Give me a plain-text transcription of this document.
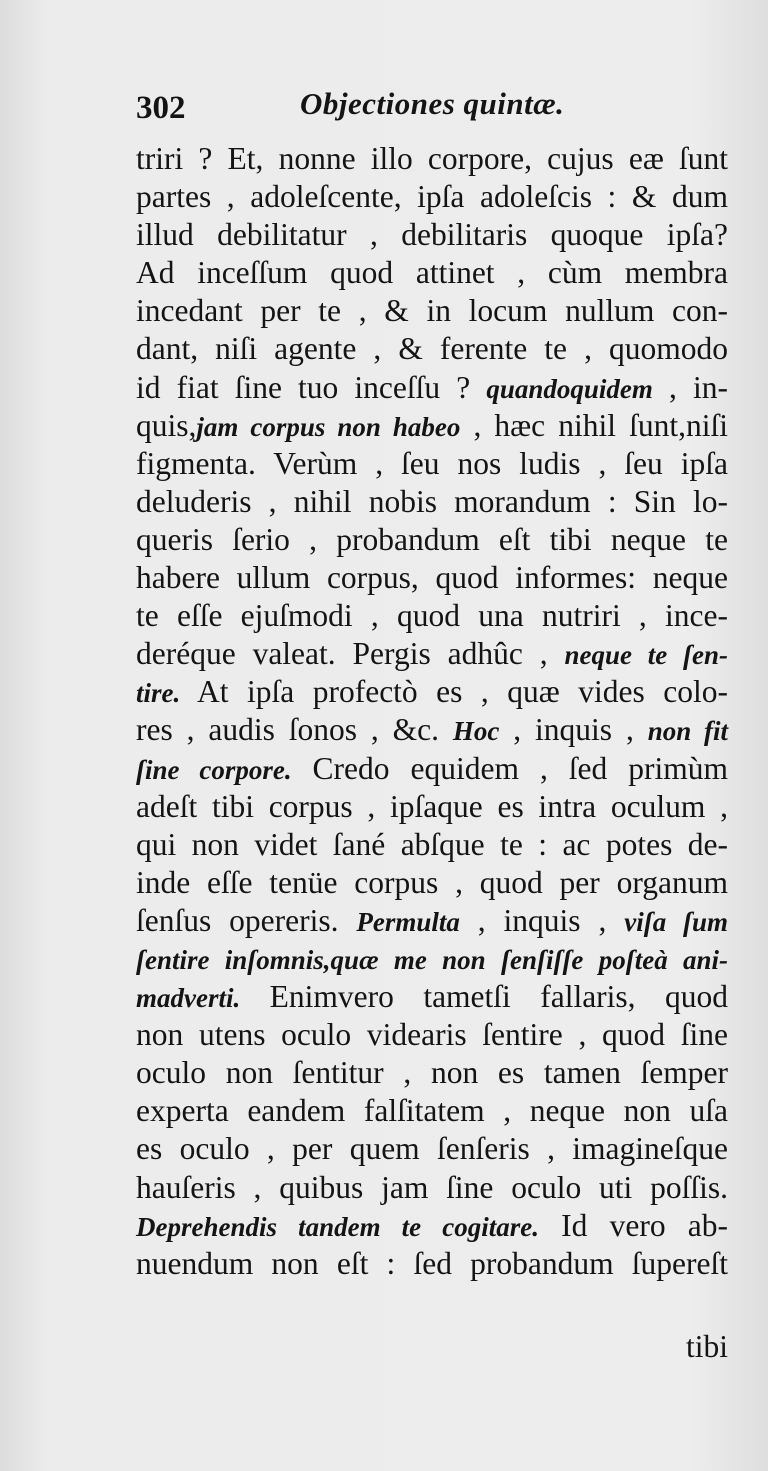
302	Objectiones quintæ.
triri ? Et, nonne illo corpore, cujus eæ ſunt
partes , adoleſcente, ipſa adoleſcis : & dum
illud debilitatur , debilitaris quoque ipſa?
Ad inceſſum quod attinet , cùm membra
incedant per te , & in locum nullum con-
dant, niſi agente , & ferente te , quomodo
id fiat ſine tuo inceſſu ? quandoquidem , in-
quis,jam corpus non habeo , hæc nihil ſunt,niſi
figmenta. Verùm , ſeu nos ludis , ſeu ipſa
deluderis , nihil nobis morandum : Sin lo-
queris ſerio , probandum eſt tibi neque te
habere ullum corpus, quod informes: neque
te eſſe ejuſmodi , quod una nutriri , ince-
deréque valeat. Pergis adhûc , neque te ſen-
tire. At ipſa profectò es , quæ vides colo-
res , audis ſonos , &c. Hoc , inquis , non fit
ſine corpore. Credo equidem , ſed primùm
adeſt tibi corpus , ipſaque es intra oculum ,
qui non videt ſané abſque te : ac potes de-
inde eſſe tenüe corpus , quod per organum
ſenſus opereris. Permulta , inquis , viſa ſum
ſentire inſomnis,quæ me non ſenſiſſe poſteà ani-
madverti. Enimvero tametſi fallaris, quod
non utens oculo videaris ſentire , quod ſine
oculo non ſentitur , non es tamen ſemper
experta eandem falſitatem , neque non uſa
es oculo , per quem ſenſeris , imagineſque
hauſeris , quibus jam ſine oculo uti poſſis.
Deprehendis tandem te cogitare. Id vero ab-
nuendum non eſt : ſed probandum ſupereſt
tibi
